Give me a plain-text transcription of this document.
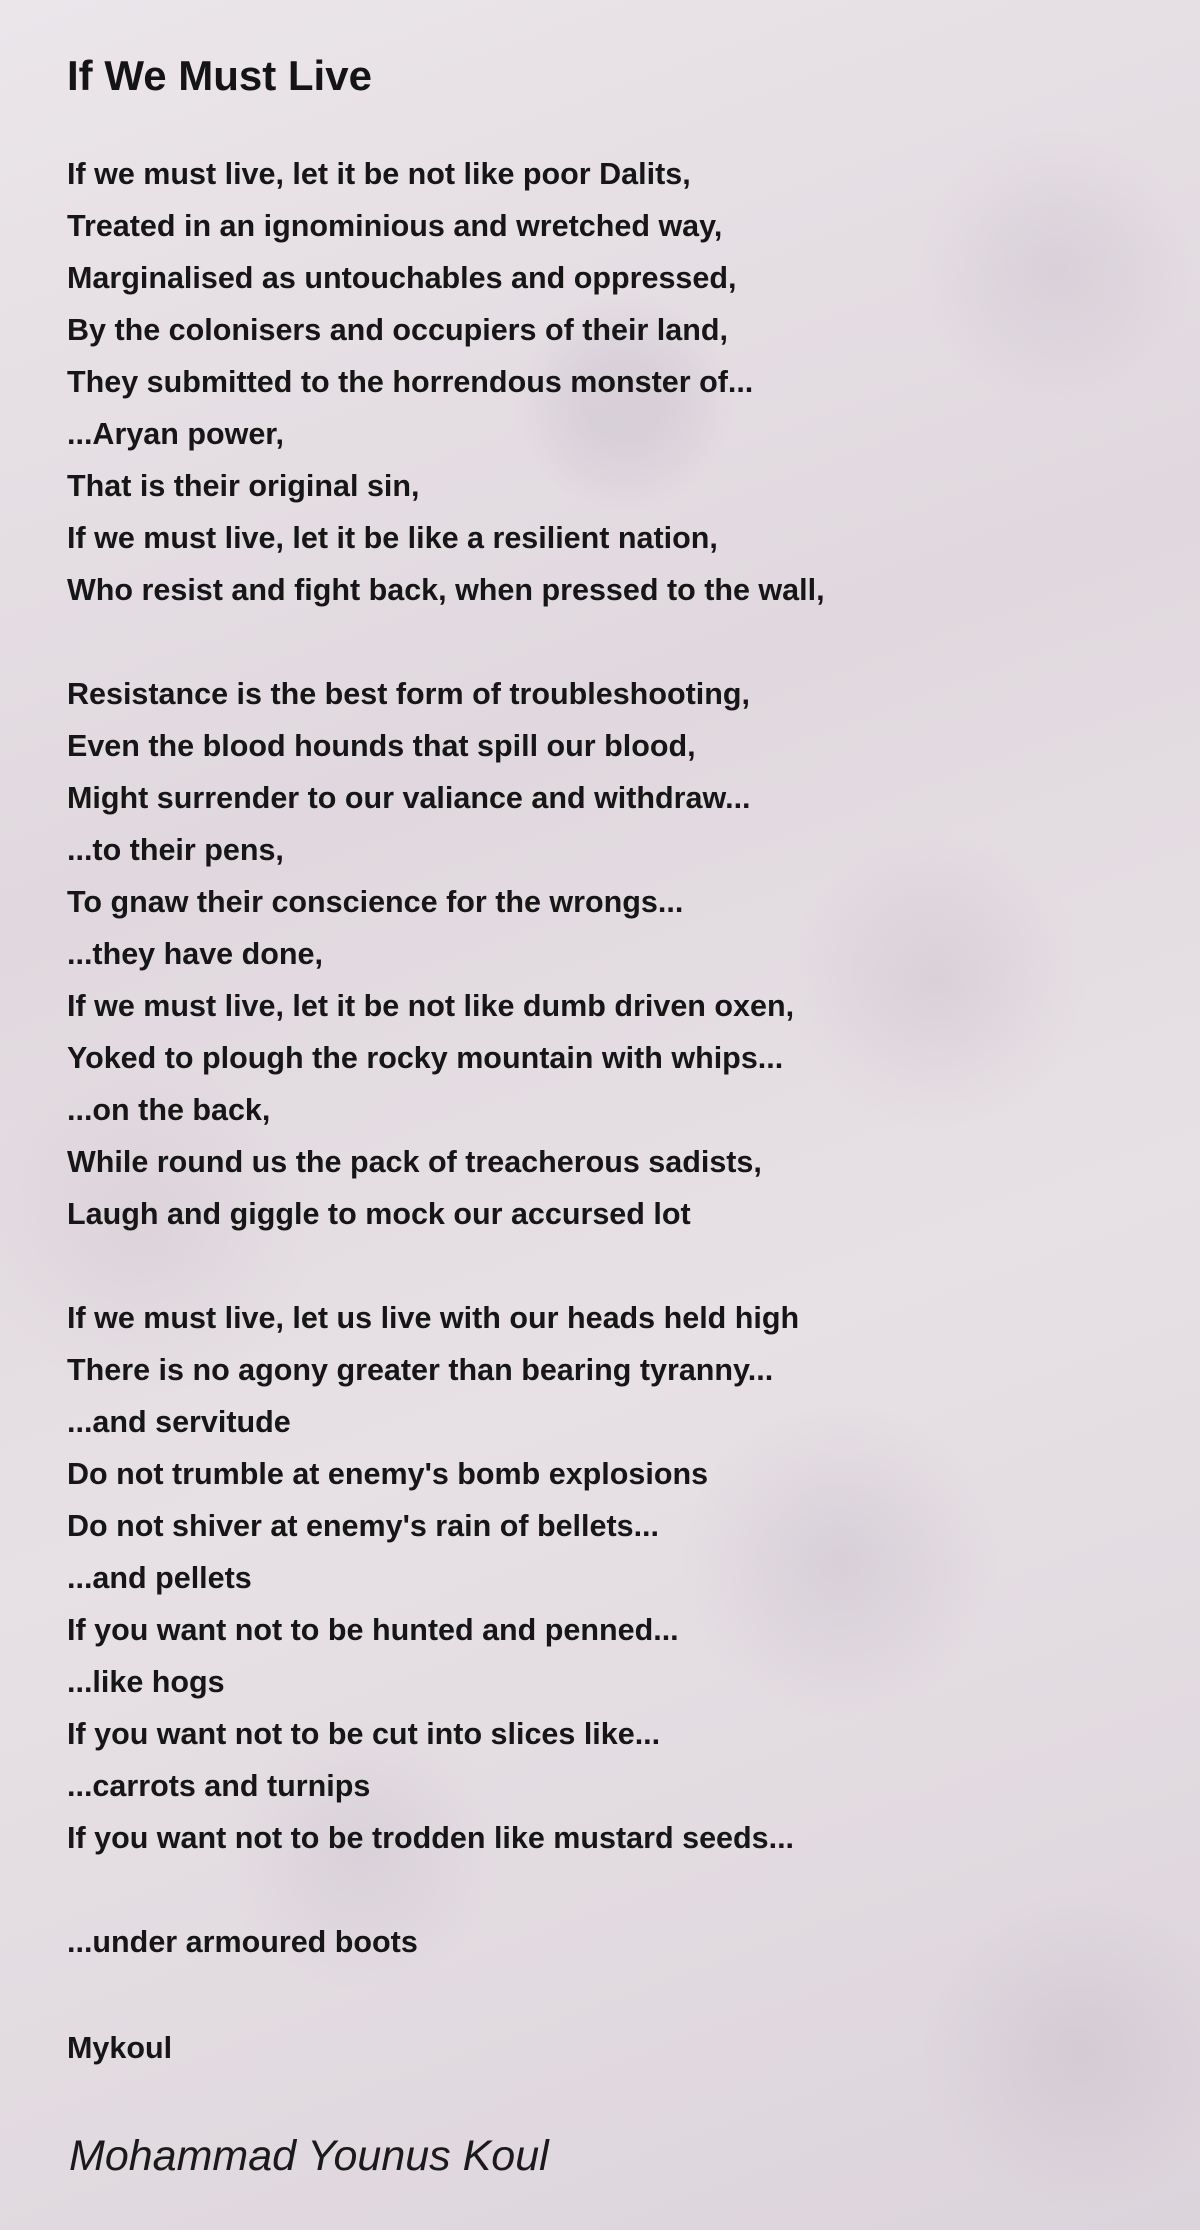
If We Must Live
If we must live, let it be not like poor Dalits,
Treated in an ignominious and wretched way,
Marginalised as untouchables and oppressed,
By the colonisers and occupiers of their land,
They submitted to the horrendous monster of...
...Aryan power,
That is their original sin,
If we must live, let it be like a resilient nation,
Who resist and fight back, when pressed to the wall,
Resistance is the best form of troubleshooting,
Even the blood hounds that spill our blood,
Might surrender to our valiance and withdraw...
...to their pens,
To gnaw their conscience for the wrongs...
...they have done,
If we must live, let it be not like dumb driven oxen,
Yoked to plough the rocky mountain with whips...
...on the back,
While round us the pack of treacherous sadists,
Laugh and giggle to mock our accursed lot
If we must live, let us live with our heads held high
There is no agony greater than bearing tyranny...
...and servitude
Do not trumble at enemy's bomb explosions
Do not shiver at enemy's rain of bellets...
...and pellets
If you want not to be hunted and penned...
...like hogs
If you want not to be cut into slices like...
...carrots and turnips
If you want not to be trodden like mustard seeds...
...under armoured boots
Mykoul
Mohammad Younus Koul
